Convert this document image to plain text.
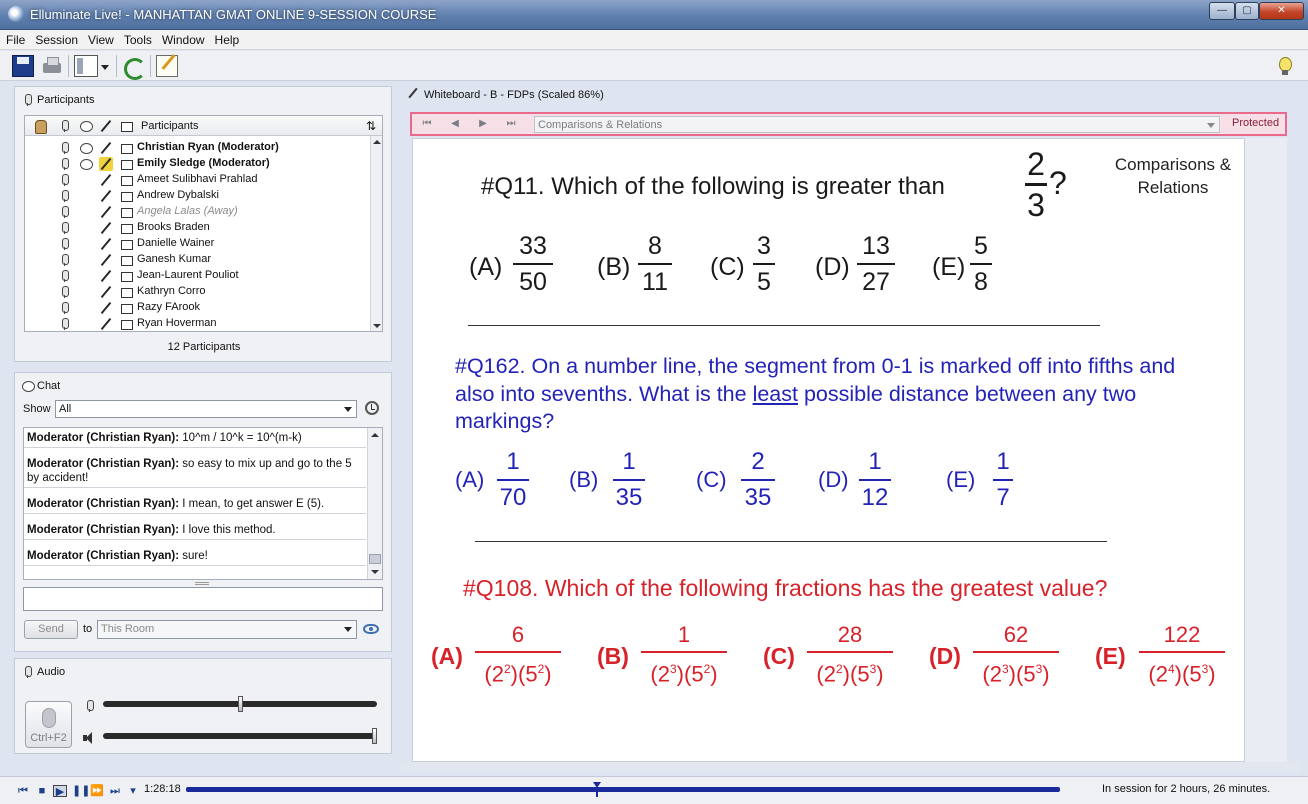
Elluminate Live! - MANHATTAN GMAT ONLINE 9-SESSION COURSE	—	▢	✕
File Session View Tools Window Help
Participants
Participants	⇅
Christian Ryan (Moderator)
Emily Sledge (Moderator)
Ameet Sulibhavi Prahlad
Andrew Dybalski
Angela Lalas (Away)
Brooks Braden
Danielle Wainer
Ganesh Kumar
Jean-Laurent Pouliot
Kathryn Corro
Razy FArook
Ryan Hoverman
12 Participants
Chat
Show All
Moderator (Christian Ryan): 10^m / 10^k = 10^(m-k)
Moderator (Christian Ryan): so easy to mix up and go to the 5 by accident!
Moderator (Christian Ryan): I mean, to get answer E (5).
Moderator (Christian Ryan): I love this method.
Moderator (Christian Ryan): sure!
Send	to This Room
Audio
Ctrl+F2
Whiteboard - B - FDPs (Scaled 86%)
⏮	◀	▶	⏭	Comparisons & Relations	Protected
#Q11. Which of the following is greater than
2
3
?
Comparisons &
Relations
(A)
33
50
(B)
8
11
(C)
3
5
(D)
13
27
(E)
5
8
#Q162. On a number line, the segment from 0-1 is marked off into fifths and also into sevenths. What is the least possible distance between any two markings?
(A)
1
70
(B)
1
35
(C)
2
35
(D)
1
12
(E)
1
7
#Q108. Which of the following fractions has the greatest value?
(A)
6
$(2^2)(5^2)$
(B)
1
$(2^3)(5^2)$
(C)
28
$(2^2)(5^3)$
(D)
62
$(2^3)(5^3)$
(E)
122
$(2^4)(5^3)$
⏮ ■ ▶ ❚❚ ⏩ ⏭ ▾ 1:28:18	In session for 2 hours, 26 minutes.
